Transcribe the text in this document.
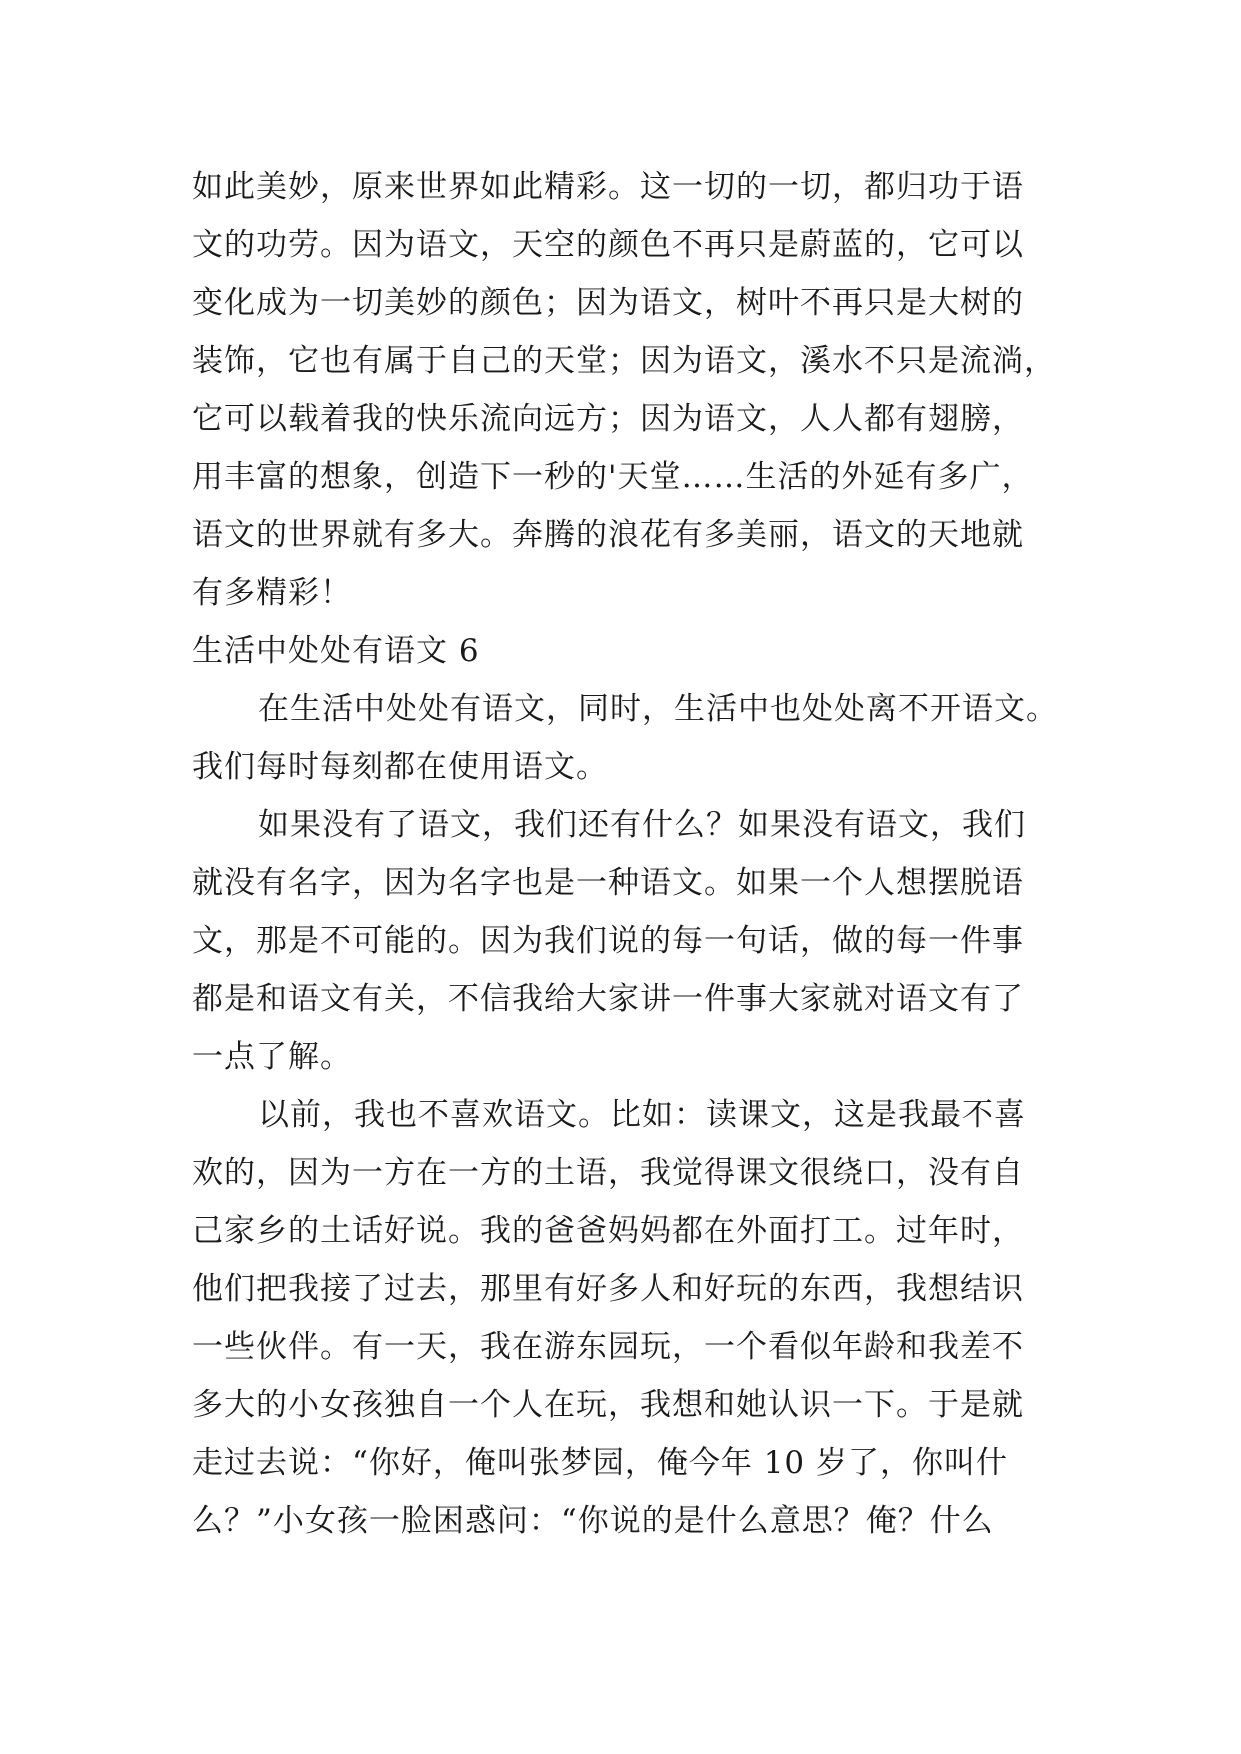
如此美妙，原来世界如此精彩。这一切的一切，都归功于语
文的功劳。因为语文，天空的颜色不再只是蔚蓝的，它可以
变化成为一切美妙的颜色；因为语文，树叶不再只是大树的
装饰，它也有属于自己的天堂；因为语文，溪水不只是流淌，
它可以载着我的快乐流向远方；因为语文，人人都有翅膀，
用丰富的想象，创造下一秒的'天堂……生活的外延有多广，
语文的世界就有多大。奔腾的浪花有多美丽，语文的天地就
有多精彩！
生活中处处有语文 6
在生活中处处有语文，同时，生活中也处处离不开语文。
我们每时每刻都在使用语文。
如果没有了语文，我们还有什么？如果没有语文，我们
就没有名字，因为名字也是一种语文。如果一个人想摆脱语
文，那是不可能的。因为我们说的每一句话，做的每一件事
都是和语文有关，不信我给大家讲一件事大家就对语文有了
一点了解。
以前，我也不喜欢语文。比如：读课文，这是我最不喜
欢的，因为一方在一方的土语，我觉得课文很绕口，没有自
己家乡的土话好说。我的爸爸妈妈都在外面打工。过年时，
他们把我接了过去，那里有好多人和好玩的东西，我想结识
一些伙伴。有一天，我在游东园玩，一个看似年龄和我差不
多大的小女孩独自一个人在玩，我想和她认识一下。于是就
走过去说：“你好，俺叫张梦园，俺今年 10 岁了，你叫什
么？”小女孩一脸困惑问：“你说的是什么意思？俺？什么
